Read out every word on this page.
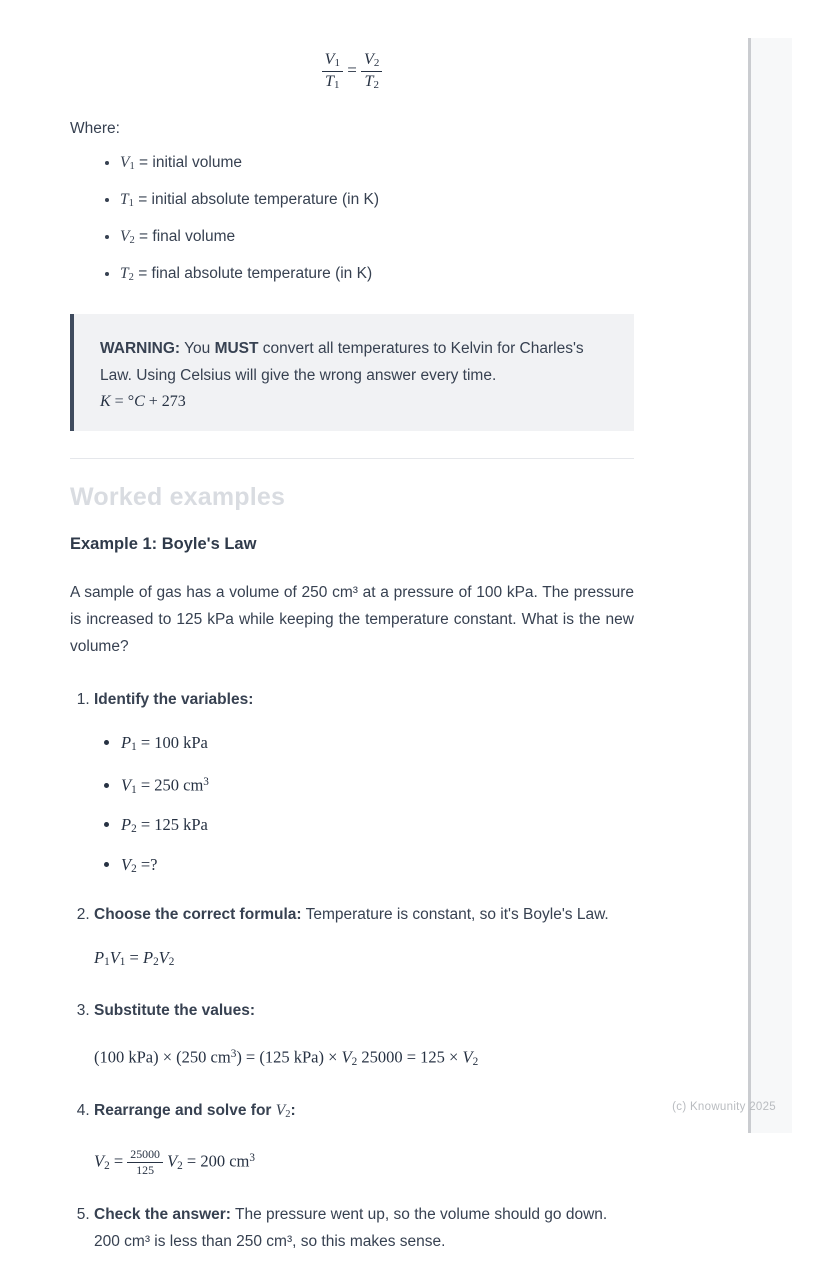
$\frac{V_1}{T_1} = \frac{V_2}{T_2}$

Where:

• $V_1$ = initial volume
• $T_1$ = initial absolute temperature (in K)
• $V_2$ = final volume
• $T_2$ = final absolute temperature (in K)
WARNING: You MUST convert all temperatures to Kelvin for Charles's Law. Using Celsius will give the wrong answer every time.
K = °C + 273
Worked examples
Example 1: Boyle's Law

A sample of gas has a volume of 250 cm³ at a pressure of 100 kPa. The pressure is increased to 125 kPa while keeping the temperature constant. What is the new volume?

1. Identify the variables:
• $P_1 = 100$ kPa
• $V_1 = 250$ $cm^3$
• $P_2 = 125$ kPa
• $V_2$ =?
2. Choose the correct formula: Temperature is constant, so it's Boyle's Law.
$P_1V_1 = P_2V_2$
3. Substitute the values:
(100 kPa) × (250 $cm^3) = (125$ $kPa) \times V_2$ $25000 = 125 \times V_2$
4. Rearrange and solve for $V_2$:
$V_2 = \frac{25000}{125} V_2 = 200$ $cm^3$
5. Check the answer: The pressure went up, so the volume should go down. 200 cm³ is less than 250 cm³, so this makes sense.
(c) Knowunity 2025
